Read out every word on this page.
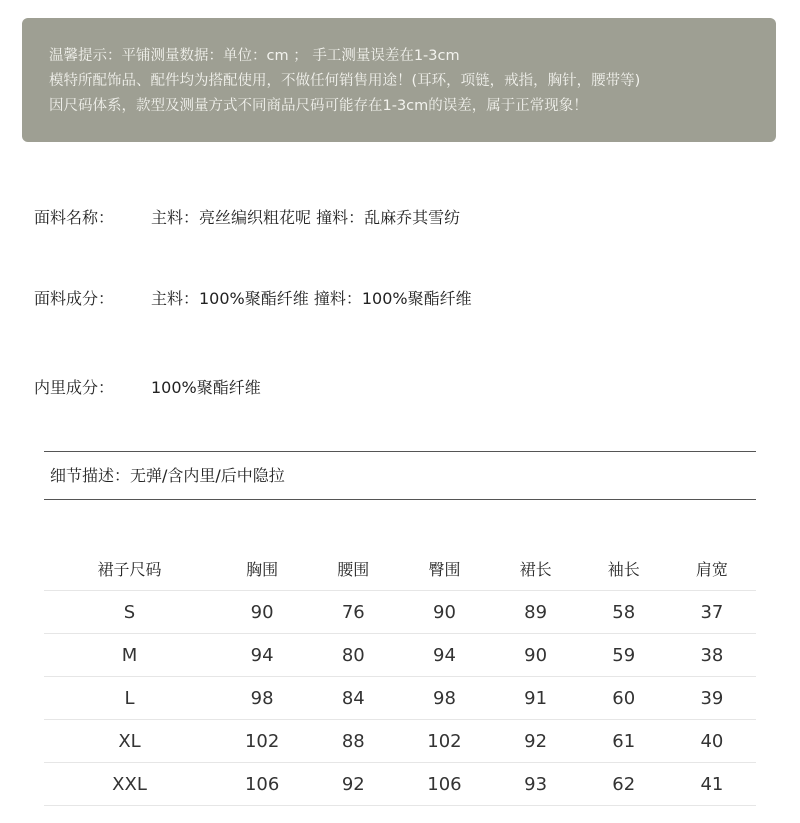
温馨提示：平铺测量数据：单位：cm ； 手工测量误差在1-3cm
模特所配饰品、配件均为搭配使用，不做任何销售用途！(耳环，项链，戒指，胸针，腰带等)
因尺码体系，款型及测量方式不同商品尺码可能存在1-3cm的误差，属于正常现象！
面料名称：	主料：亮丝编织粗花呢 撞料：乱麻乔其雪纺
面料成分：	主料：100%聚酯纤维 撞料：100%聚酯纤维
内里成分：	100%聚酯纤维
细节描述：无弹/含内里/后中隐拉
裙子尺码	胸围	腰围	臀围	裙长	袖长	肩宽
S	90	76	90	89	58	37
M	94	80	94	90	59	38
L	98	84	98	91	60	39
XL	102	88	102	92	61	40
XXL	106	92	106	93	62	41
